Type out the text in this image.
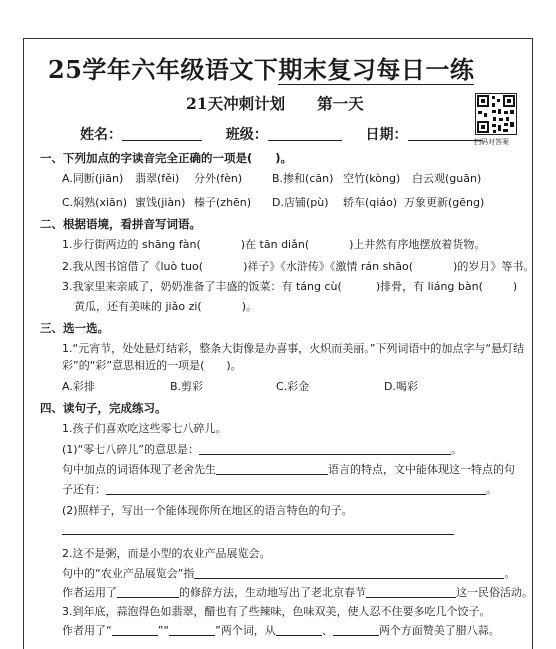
25学年六年级语文下期末复习每日一练
21天冲刺计划 第一天
扫码对答案
姓名：	班级：	日期：
一、下列加点的字读音完全正确的一项是(　　)。
A.同断(jiān) 翡翠(fěi) 分外(fèn)	B.掺和(cān) 空竹(kòng) 白云观(guān)
C.焖熟(xiān) 蜜饯(jiàn) 榛子(zhēn) D.店铺(pù) 轿车(qiáo) 万象更新(gēng)
二、根据语境，看拼音写词语。
1.步行街两边的 shāng fàn(	)在 tān diǎn(	)上井然有序地摆放着货物。
2.我从图书馆借了《luò tuo(	)祥子》《水浒传》《激情 rán shāo(	)的岁月》等书。
3.我家里来亲戚了，奶奶准备了丰盛的饭菜：有 táng cù(	)排骨，有 liáng bàn(	)
黄瓜，还有美味的 jiǎo zi(	)。
三、选一选。
1.“元宵节，处处悬灯结彩，整条大街像是办喜事，火炽而美丽。”下列词语中的加点字与“悬灯结
彩”的“彩”意思相近的一项是(　　)。
A.彩排	B.剪彩	C.彩金	D.喝彩
四、读句子，完成练习。
1.孩子们喜欢吃这些零七八碎儿。
(1)“零七八碎儿”的意思是：	。
句中加点的词语体现了老舍先生	语言的特点，文中能体现这一特点的句
子还有：	。
(2)照样子，写出一个能体现你所在地区的语言特色的句子。
2.这不是粥，而是小型的农业产品展览会。
句中的“农业产品展览会”指	。
作者运用了	的修辞方法，生动地写出了老北京春节	这一民俗活动。
3.到年底，蒜泡得色如翡翠，醋也有了些辣味，色味双美，使人忍不住要多吃几个饺子。
作者用了“	”“	”两个词，从	、	两个方面赞美了腊八蒜。
